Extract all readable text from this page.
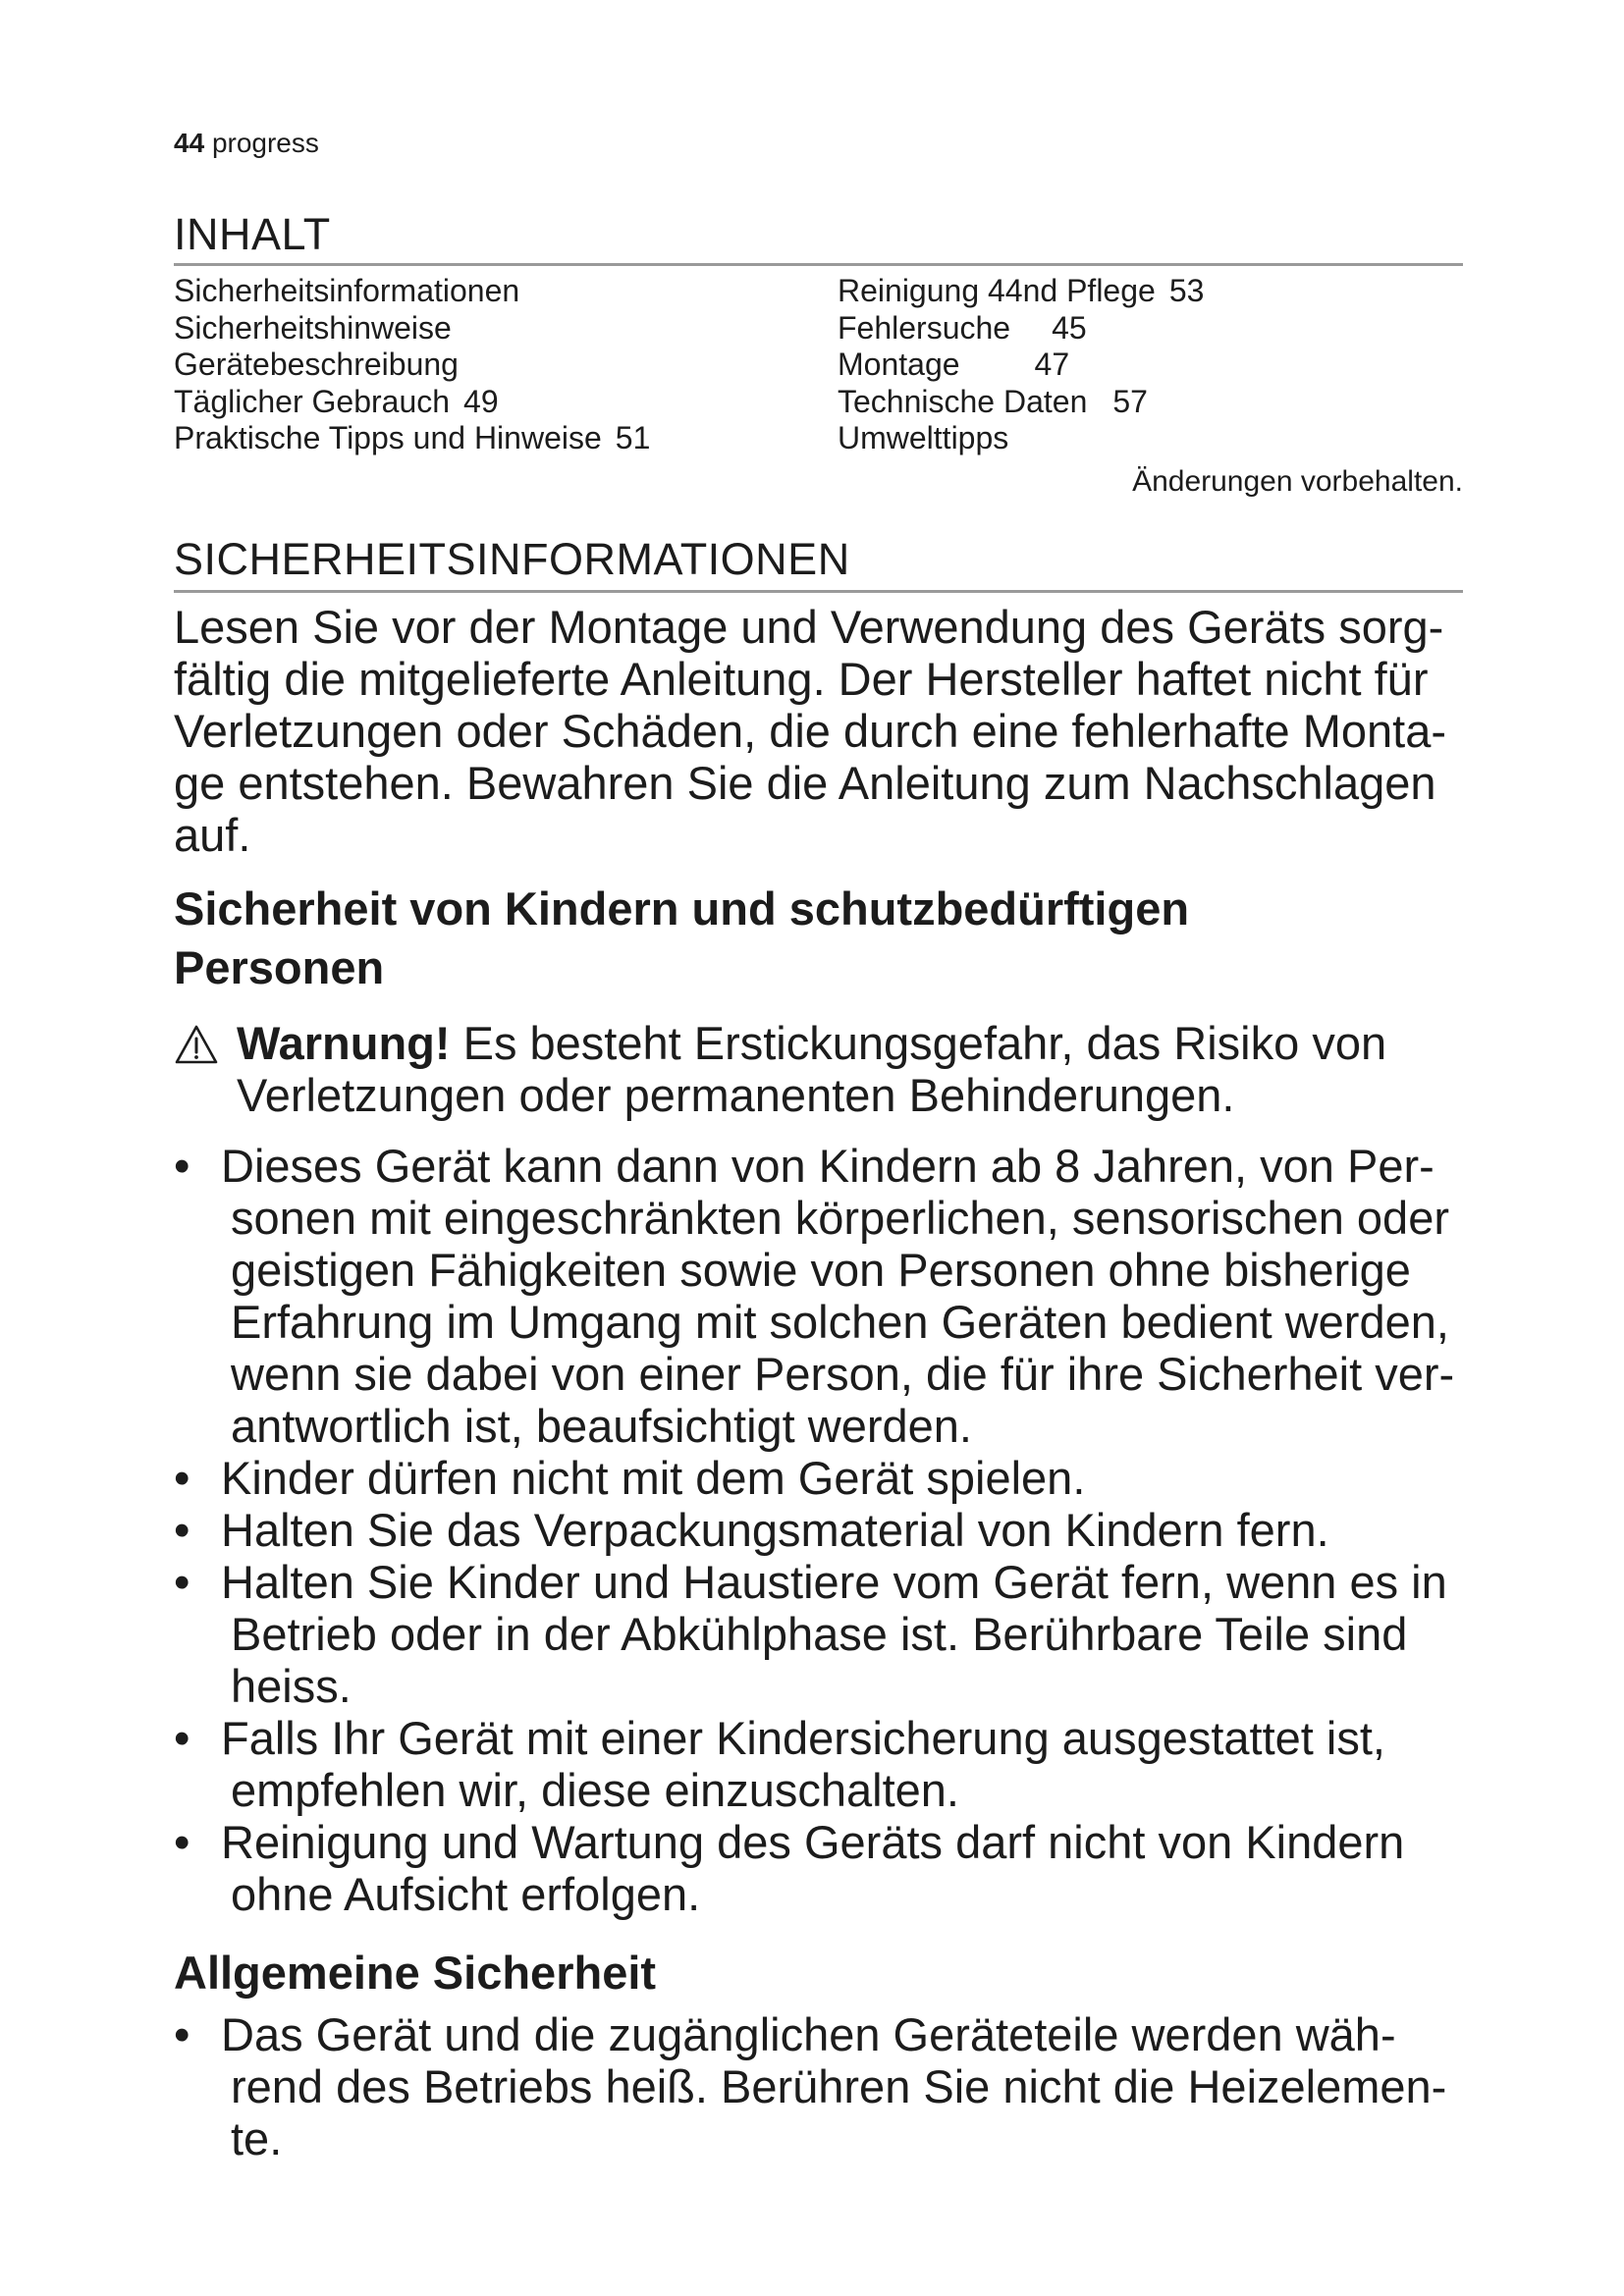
44 progress
INHALT
Sicherheitsinformationen
Sicherheitshinweise
Gerätebeschreibung
Täglicher Gebrauch 49
Praktische Tipps und Hinweise 51
Reinigung 44nd Pflege 53
Fehlersuche 45
Montage 47
Technische Daten 57
Umwelttipps
Änderungen vorbehalten.
SICHERHEITSINFORMATIONEN
Lesen Sie vor der Montage und Verwendung des Geräts sorg-
fältig die mitgelieferte Anleitung. Der Hersteller haftet nicht für
Verletzungen oder Schäden, die durch eine fehlerhafte Monta-
ge entstehen. Bewahren Sie die Anleitung zum Nachschlagen
auf.
Sicherheit von Kindern und schutzbedürftigen
Personen
Warnung! Es besteht Erstickungsgefahr, das Risiko von
Verletzungen oder permanenten Behinderungen.
• Dieses Gerät kann dann von Kindern ab 8 Jahren, von Per-
sonen mit eingeschränkten körperlichen, sensorischen oder
geistigen Fähigkeiten sowie von Personen ohne bisherige
Erfahrung im Umgang mit solchen Geräten bedient werden,
wenn sie dabei von einer Person, die für ihre Sicherheit ver-
antwortlich ist, beaufsichtigt werden.
• Kinder dürfen nicht mit dem Gerät spielen.
• Halten Sie das Verpackungsmaterial von Kindern fern.
• Halten Sie Kinder und Haustiere vom Gerät fern, wenn es in
Betrieb oder in der Abkühlphase ist. Berührbare Teile sind
heiss.
• Falls Ihr Gerät mit einer Kindersicherung ausgestattet ist,
empfehlen wir, diese einzuschalten.
• Reinigung und Wartung des Geräts darf nicht von Kindern
ohne Aufsicht erfolgen.
Allgemeine Sicherheit
• Das Gerät und die zugänglichen Geräteteile werden wäh-
rend des Betriebs heiß. Berühren Sie nicht die Heizelemen-
te.
